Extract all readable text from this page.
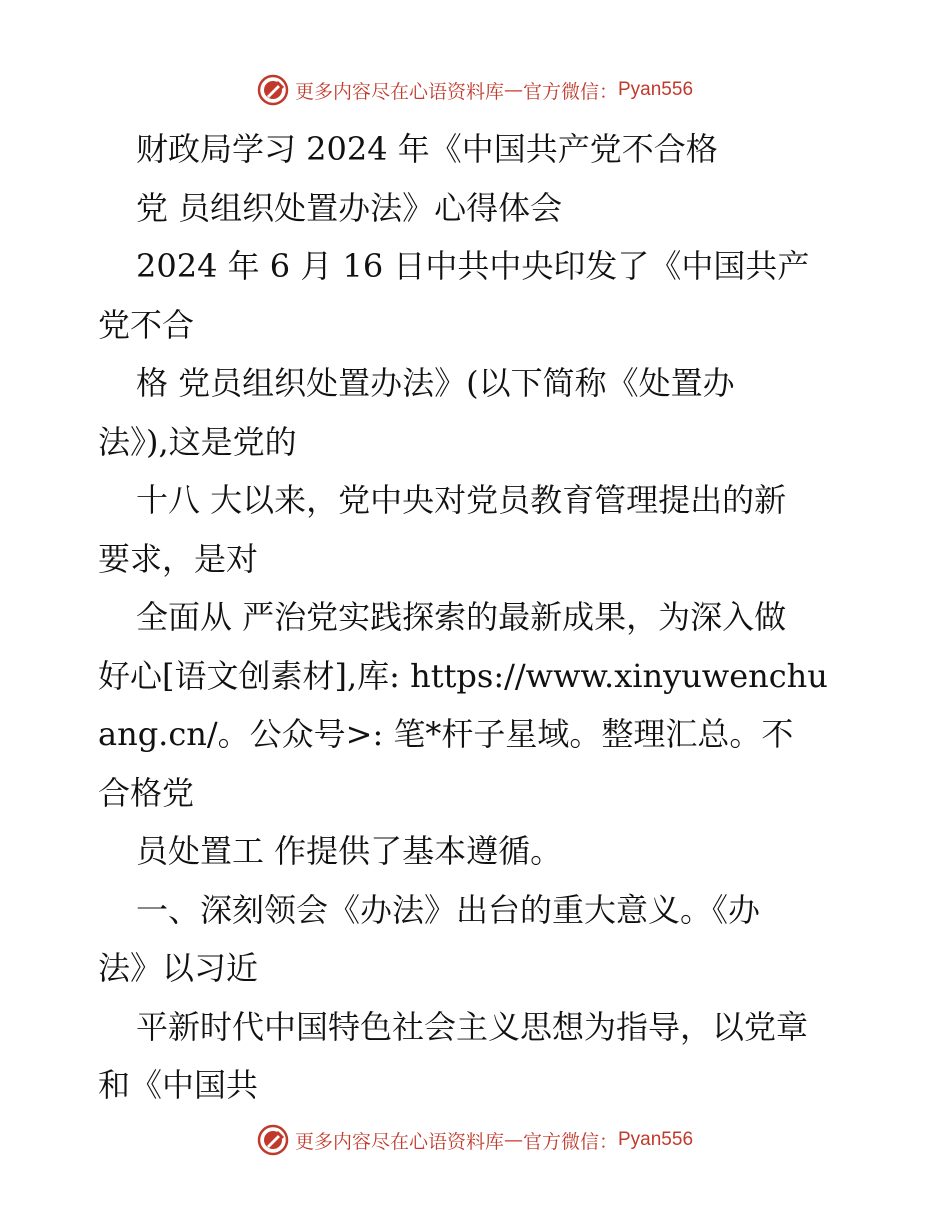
更多内容尽在心语资料库 — 官方微信： Pyan556
财政局学习 2024 年《中国共产党不合格
党 员组织处置办法》心得体会
2024 年 6 月 16 日中共中央印发了《中国共产
党不合
格 党员组织处置办法》(以下简称《处置办
法》),这是党的
十八 大以来，党中央对党员教育管理提出的新
要求，是对
全面从 严治党实践探索的最新成果，为深入做
好心[语文创素材],库: https://www.xinyuwenchu
ang.cn/。公众号>: 笔*杆子星域。整理汇总。不
合格党
员处置工 作提供了基本遵循。
一、深刻领会《办法》出台的重大意义。《办
法》以习近
平新时代中国特色社会主义思想为指导，以党章
和《中国共
更多内容尽在心语资料库 — 官方微信： Pyan556
